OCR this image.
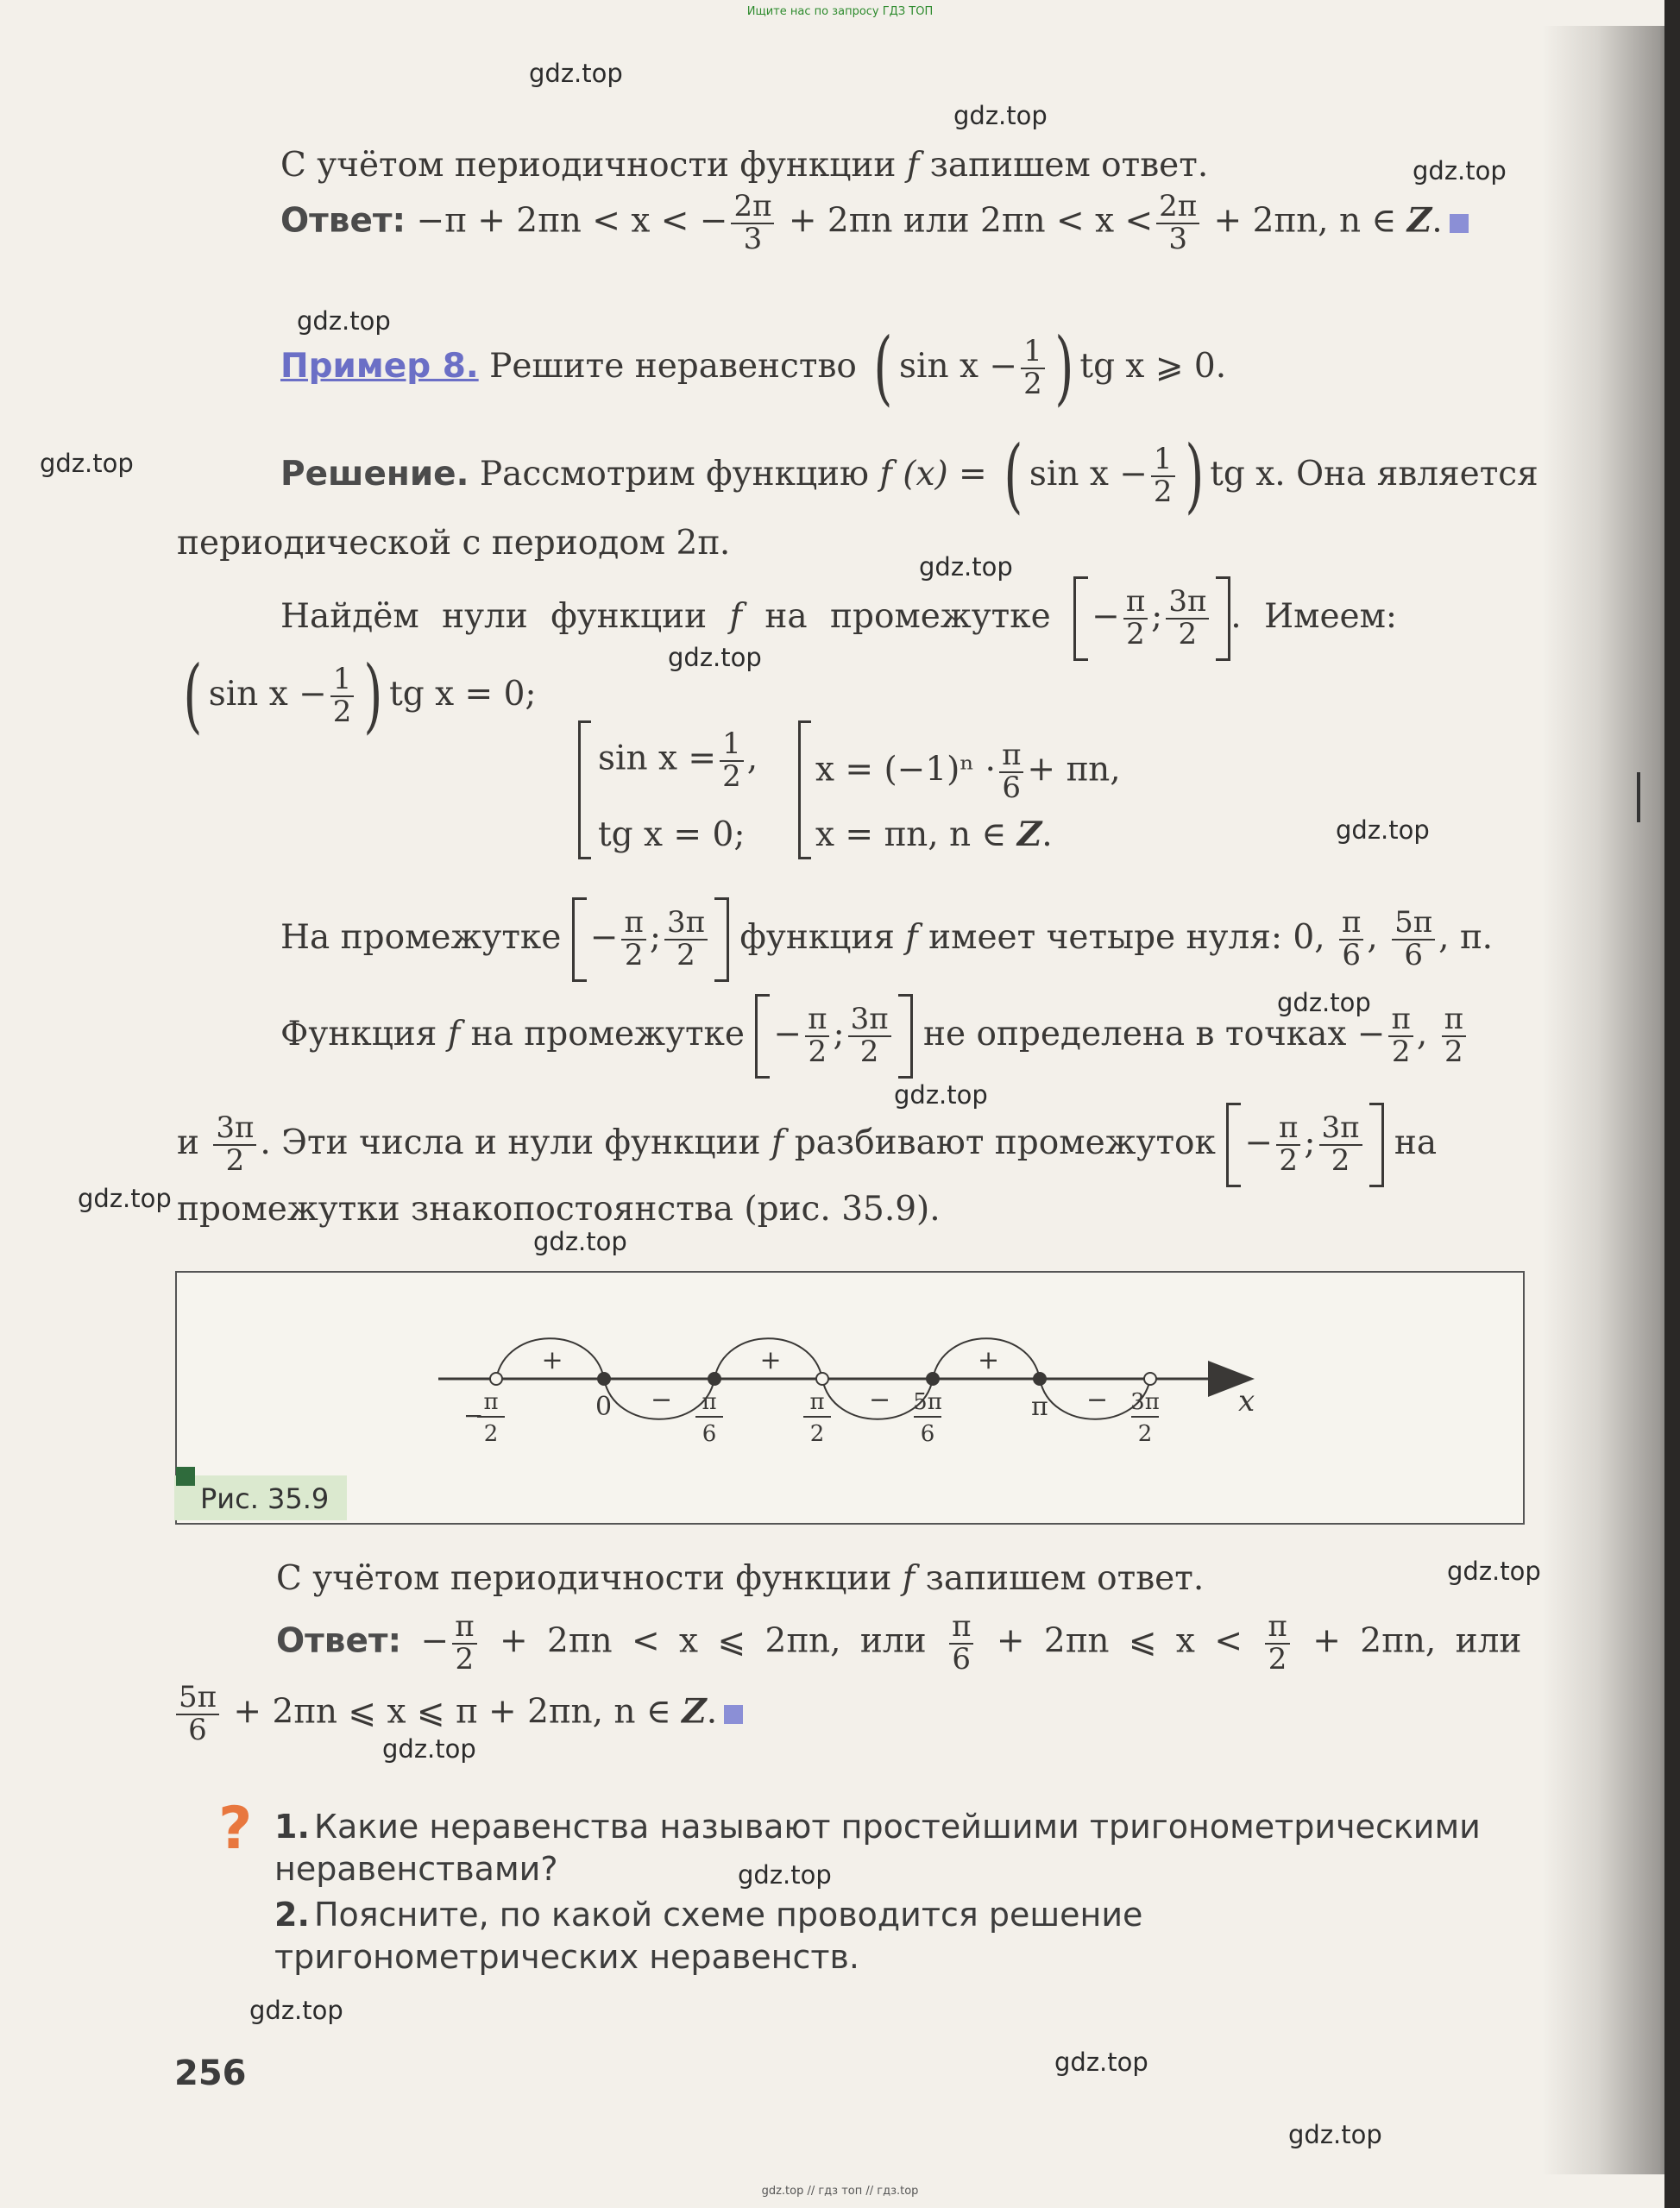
Ищите нас по запросу ГДЗ ТОП
gdz.top
gdz.top
gdz.top
gdz.top
gdz.top
gdz.top
gdz.top
gdz.top
gdz.top
gdz.top
gdz.top
gdz.top
gdz.top
gdz.top
gdz.top
gdz.top
gdz.top
gdz.top
С учётом периодичности функции f запишем ответ.
Ответ: −π + 2πn < x < − $\frac{2\pi}{3} + 2\pi n$ или $2\pi n < x < \frac{2\pi}{3} + 2\pi n$, n ∈ Z.
Пример 8. Решите неравенство ( $\sin x - \frac{1}{2}$ ) tg x ⩾ 0.
Решение. Рассмотрим функцию f (x) = ( $\sin x - \frac{1}{2}$ ) tg x. Она является
периодической с периодом 2π.
Найдём нули функции f на промежутке − $\frac{\pi}{2}$ ; $\frac{3\pi}{2}$ . Имеем:
( $\sin x - \frac{1}{2}$ ) tg x = 0;
$\sin x = \frac{1}{2}$ ,
tg x = 0;
$x = (-1)^n \cdot \frac{\pi}{6} + \pi n$,
x = πn, n ∈ Z.
На промежутке − $\frac{\pi}{2}$ ; $\frac{3\pi}{2}$ функция f имеет четыре нуля: 0, $\frac{\pi}{6}$ , $\frac{5\pi}{6}$ , π.
Функция f на промежутке − $\frac{\pi}{2}$ ; $\frac{3\pi}{2}$ не определена в точках − $\frac{\pi}{2}$ , $\frac{\pi}{2}$
и $\frac{3\pi}{2}$ . Эти числа и нули функции f разбивают промежуток − $\frac{\pi}{2}$ ; $\frac{3\pi}{2}$ на
промежутки знакопостоянства (рис. 35.9).
Рис. 35.9
+
−
+
−
+
−
− π
2
0	π
6
π
2
5π
6
π	3π
2
x
С учётом периодичности функции f запишем ответ.
Ответ: − $\frac{\pi}{2} + 2\pi n < x$ ⩽ 2πn, или $\frac{\pi}{6} + 2\pi n$ ⩽ $x < \frac{\pi}{2} + 2\pi n$, или
$\frac{5\pi}{6} + 2\pi n$ ⩽ x ⩽ π + 2πn, n ∈ Z.
? 1. Какие неравенства называют простейшими тригонометрическими неравенствами?
2. Поясните, по какой схеме проводится решение тригонометрических неравенств.
256
gdz.top // гдз топ // гдз.top
